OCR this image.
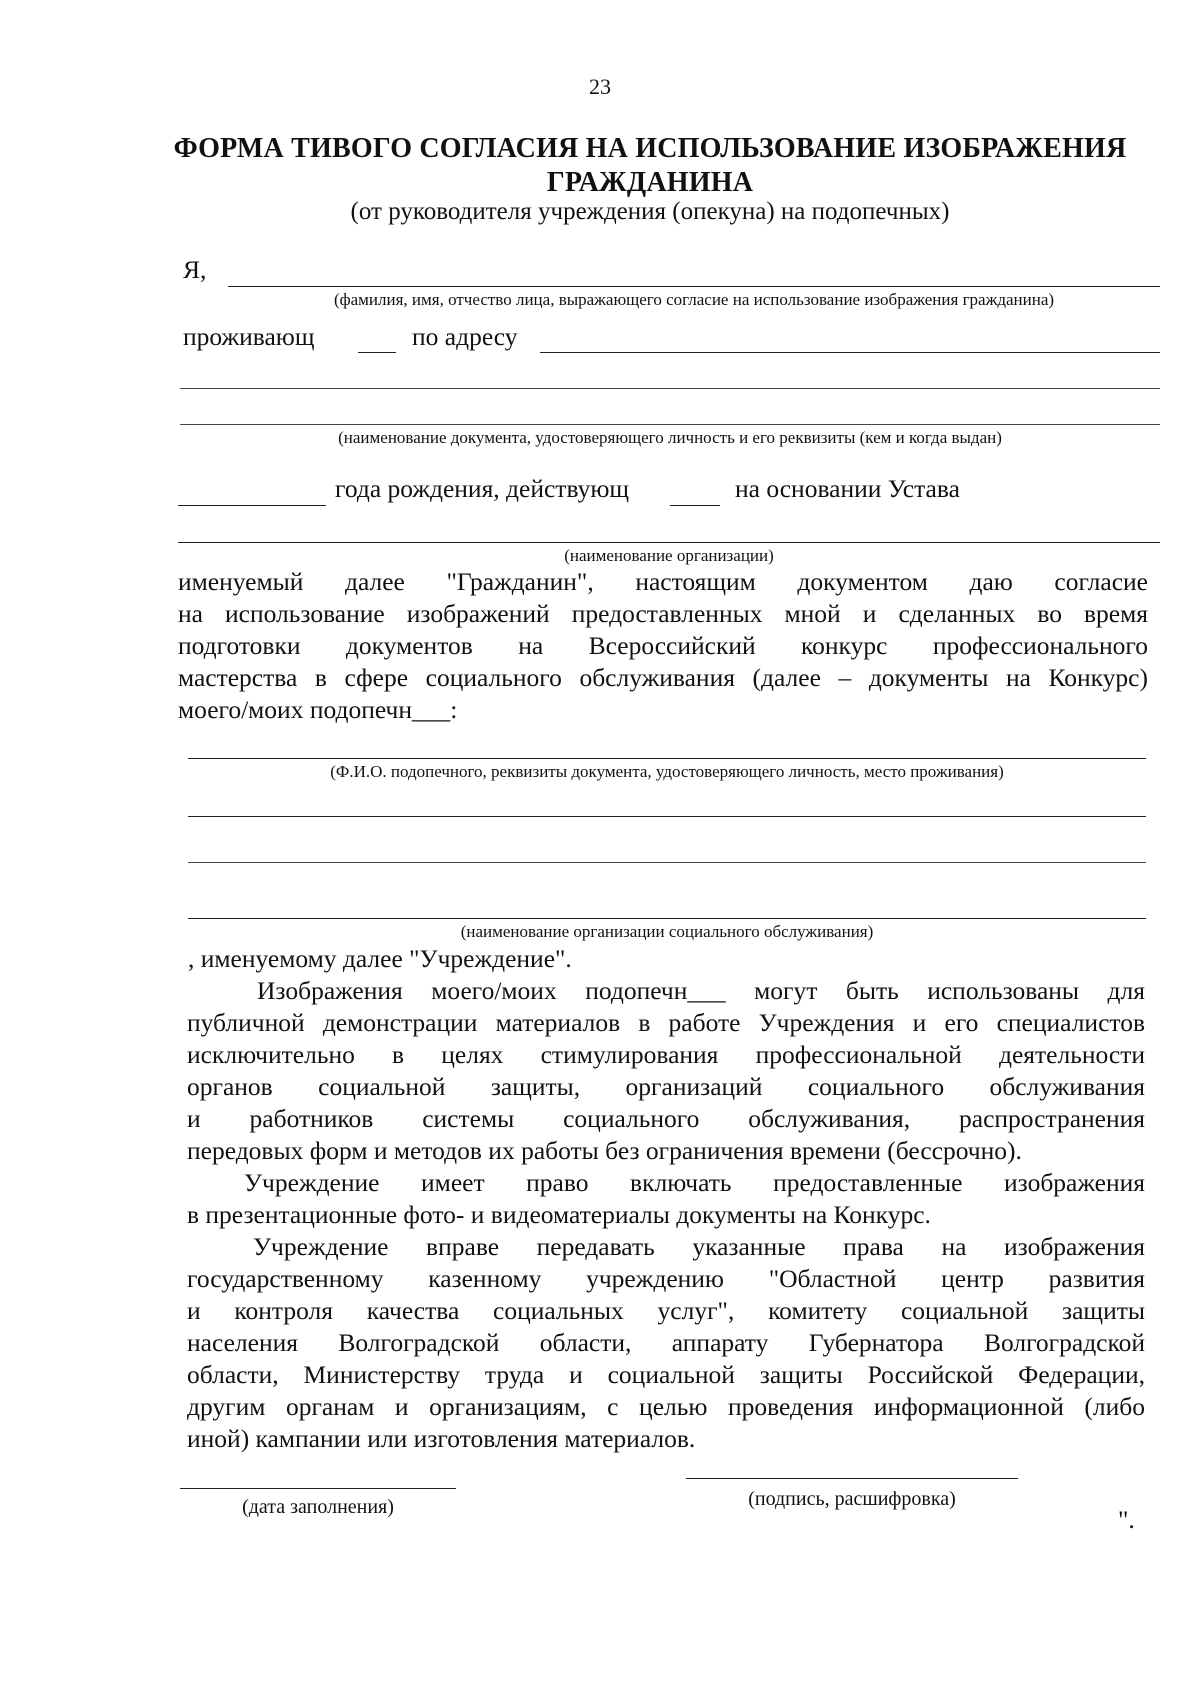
23
ФОРМА ТИВОГО СОГЛАСИЯ НА ИСПОЛЬЗОВАНИЕ ИЗОБРАЖЕНИЯ
ГРАЖДАНИНА
(от руководителя учреждения (опекуна) на подопечных)
Я,
(фамилия, имя, отчество лица, выражающего согласие на использование изображения гражданина)
проживающ	по адресу
(наименование документа, удостоверяющего личность и его реквизиты (кем и когда выдан)
года рождения, действующ	на основании Устава
(наименование организации)
именуемый далее "Гражданин", настоящим документом даю согласие
на использование изображений предоставленных мной и сделанных во время
подготовки документов на Всероссийский конкурс профессионального
мастерства в сфере социального обслуживания (далее – документы на Конкурс)
моего/моих подопечн___:
(Ф.И.О. подопечного, реквизиты документа, удостоверяющего личность, место проживания)
(наименование организации социального обслуживания)
, именуемому далее "Учреждение".
Изображения моего/моих подопечн___ могут быть использованы для
публичной демонстрации материалов в работе Учреждения и его специалистов
исключительно в целях стимулирования профессиональной деятельности
органов социальной защиты, организаций социального обслуживания
и работников системы социального обслуживания, распространения
передовых форм и методов их работы без ограничения времени (бессрочно).
Учреждение имеет право включать предоставленные изображения
в презентационные фото- и видеоматериалы документы на Конкурс.
Учреждение вправе передавать указанные права на изображения
государственному казенному учреждению "Областной центр развития
и контроля качества социальных услуг", комитету социальной защиты
населения Волгоградской области, аппарату Губернатора Волгоградской
области, Министерству труда и социальной защиты Российской Федерации,
другим органам и организациям, с целью проведения информационной (либо
иной) кампании или изготовления материалов.
(дата заполнения)	(подпись, расшифровка)
".
